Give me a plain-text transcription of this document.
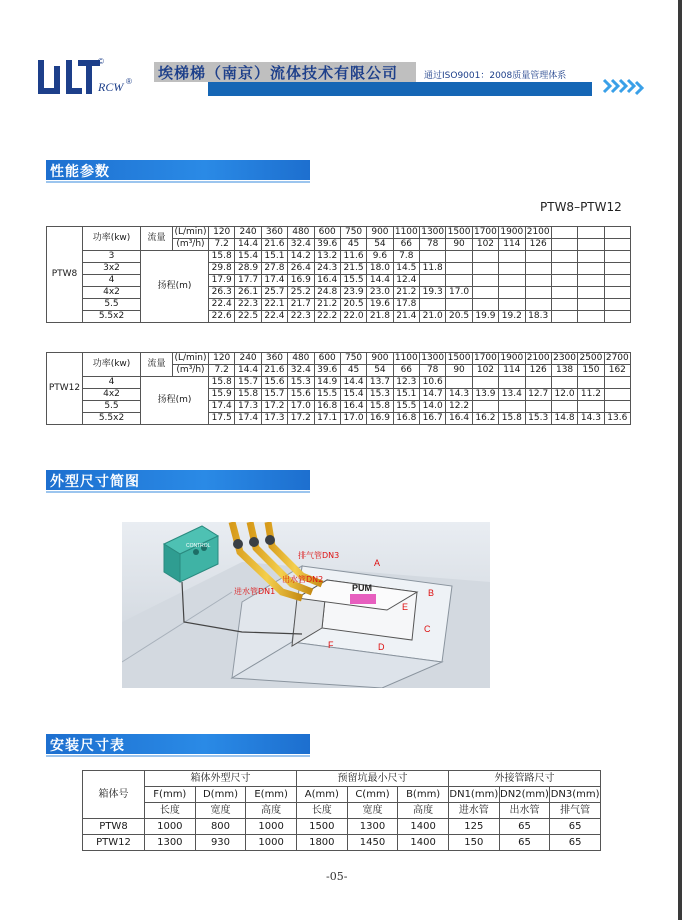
©
®
RCW
埃梯梯（南京）流体技术有限公司	通过ISO9001：2008质量管理体系
性能参数
PTW8–PTW12
PTW8	功率(kw)	流量	(L/min)	120	240	360	480	600	750	900	1100	1300	1500	1700	1900	2100			
			(m³/h)	7.2	14.4	21.6	32.4	39.6	45	54	66	78	90	102	114	126			
	3	扬程(m)		15.8	15.4	15.1	14.2	13.2	11.6	9.6	7.8								
	3x2			29.8	28.9	27.8	26.4	24.3	21.5	18.0	14.5	11.8							
	4			17.9	17.7	17.4	16.9	16.4	15.5	14.4	12.4								
	4x2			26.3	26.1	25.7	25.2	24.8	23.9	23.0	21.2	19.3	17.0						
	5.5			22.4	22.3	22.1	21.7	21.2	20.5	19.6	17.8								
	5.5x2			22.6	22.5	22.4	22.3	22.2	22.0	21.8	21.4	21.0	20.5	19.9	19.2	18.3			
PTW12	功率(kw)	流量	(L/min)	120	240	360	480	600	750	900	1100	1300	1500	1700	1900	2100	2300	2500	2700
			(m³/h)	7.2	14.4	21.6	32.4	39.6	45	54	66	78	90	102	114	126	138	150	162
	4	扬程(m)		15.8	15.7	15.6	15.3	14.9	14.4	13.7	12.3	10.6							
	4x2			15.9	15.8	15.7	15.6	15.5	15.4	15.3	15.1	14.7	14.3	13.9	13.4	12.7	12.0	11.2	
	5.5			17.4	17.3	17.2	17.0	16.8	16.4	15.8	15.5	14.0	12.2						
	5.5x2			17.5	17.4	17.3	17.2	17.1	17.0	16.9	16.8	16.7	16.4	16.2	15.8	15.3	14.8	14.3	13.6
外型尺寸简图
PUM
CONTROL
排气管DN3
出水管DN2
进水管DN1
A
B
C
D
E
F
安装尺寸表
箱体号	箱体外型尺寸			预留坑最小尺寸			外接管路尺寸		
	F(mm)	D(mm)	E(mm)	A(mm)	C(mm)	B(mm)	DN1(mm)	DN2(mm)	DN3(mm)
	长度	宽度	高度	长度	宽度	高度	进水管	出水管	排气管
PTW8	1000	800	1000	1500	1300	1400	125	65	65
PTW12	1300	930	1000	1800	1450	1400	150	65	65
-05-
